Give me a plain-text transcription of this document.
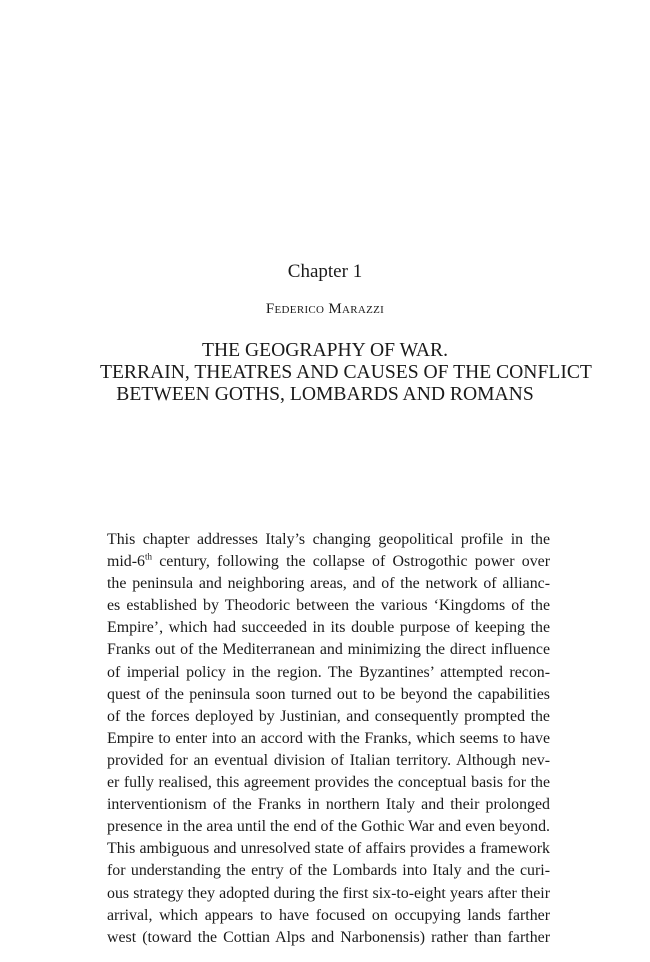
Chapter 1
Federico Marazzi
THE GEOGRAPHY OF WAR.
TERRAIN, THEATRES AND CAUSES OF THE CONFLICT
BETWEEN GOTHS, LOMBARDS AND ROMANS
This chapter addresses Italy’s changing geopolitical profile in the
mid-6th century, following the collapse of Ostrogothic power over
the peninsula and neighboring areas, and of the network of allianc-
es established by Theodoric between the various ‘Kingdoms of the
Empire’, which had succeeded in its double purpose of keeping the
Franks out of the Mediterranean and minimizing the direct influence
of imperial policy in the region. The Byzantines’ attempted recon-
quest of the peninsula soon turned out to be beyond the capabilities
of the forces deployed by Justinian, and consequently prompted the
Empire to enter into an accord with the Franks, which seems to have
provided for an eventual division of Italian territory. Although nev-
er fully realised, this agreement provides the conceptual basis for the
interventionism of the Franks in northern Italy and their prolonged
presence in the area until the end of the Gothic War and even beyond.
This ambiguous and unresolved state of affairs provides a framework
for understanding the entry of the Lombards into Italy and the curi-
ous strategy they adopted during the first six-to-eight years after their
arrival, which appears to have focused on occupying lands farther
west (toward the Cottian Alps and Narbonensis) rather than farther
